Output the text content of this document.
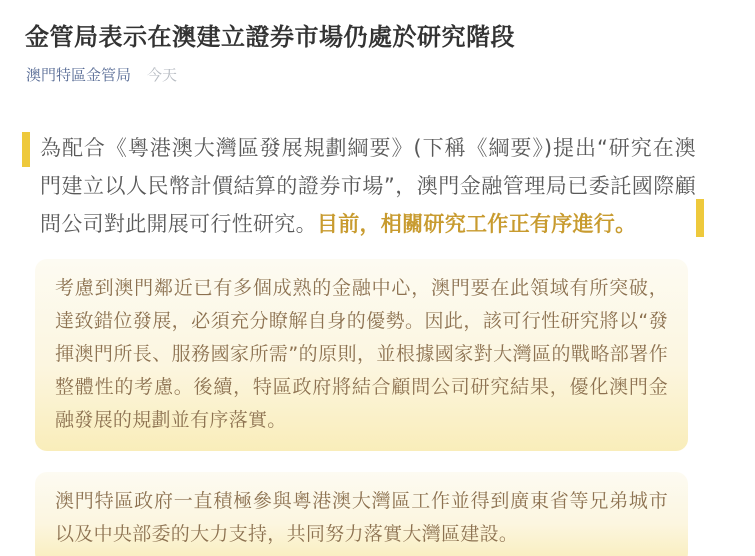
金管局表示在澳建立證券市場仍處於研究階段
澳門特區金管局 今天
為配合《粵港澳大灣區發展規劃綱要》(下稱《綱要》)提出“研究在澳門建立以人民幣計價結算的證券市場”，澳門金融管理局已委託國際顧問公司對此開展可行性研究。目前，相關研究工作正有序進行。
考慮到澳門鄰近已有多個成熟的金融中心，澳門要在此領域有所突破，達致錯位發展，必須充分瞭解自身的優勢。因此，該可行性研究將以“發揮澳門所長、服務國家所需”的原則，並根據國家對大灣區的戰略部署作整體性的考慮。後續，特區政府將結合顧問公司研究結果，優化澳門金融發展的規劃並有序落實。
澳門特區政府一直積極參與粵港澳大灣區工作並得到廣東省等兄弟城市以及中央部委的大力支持，共同努力落實大灣區建設。
